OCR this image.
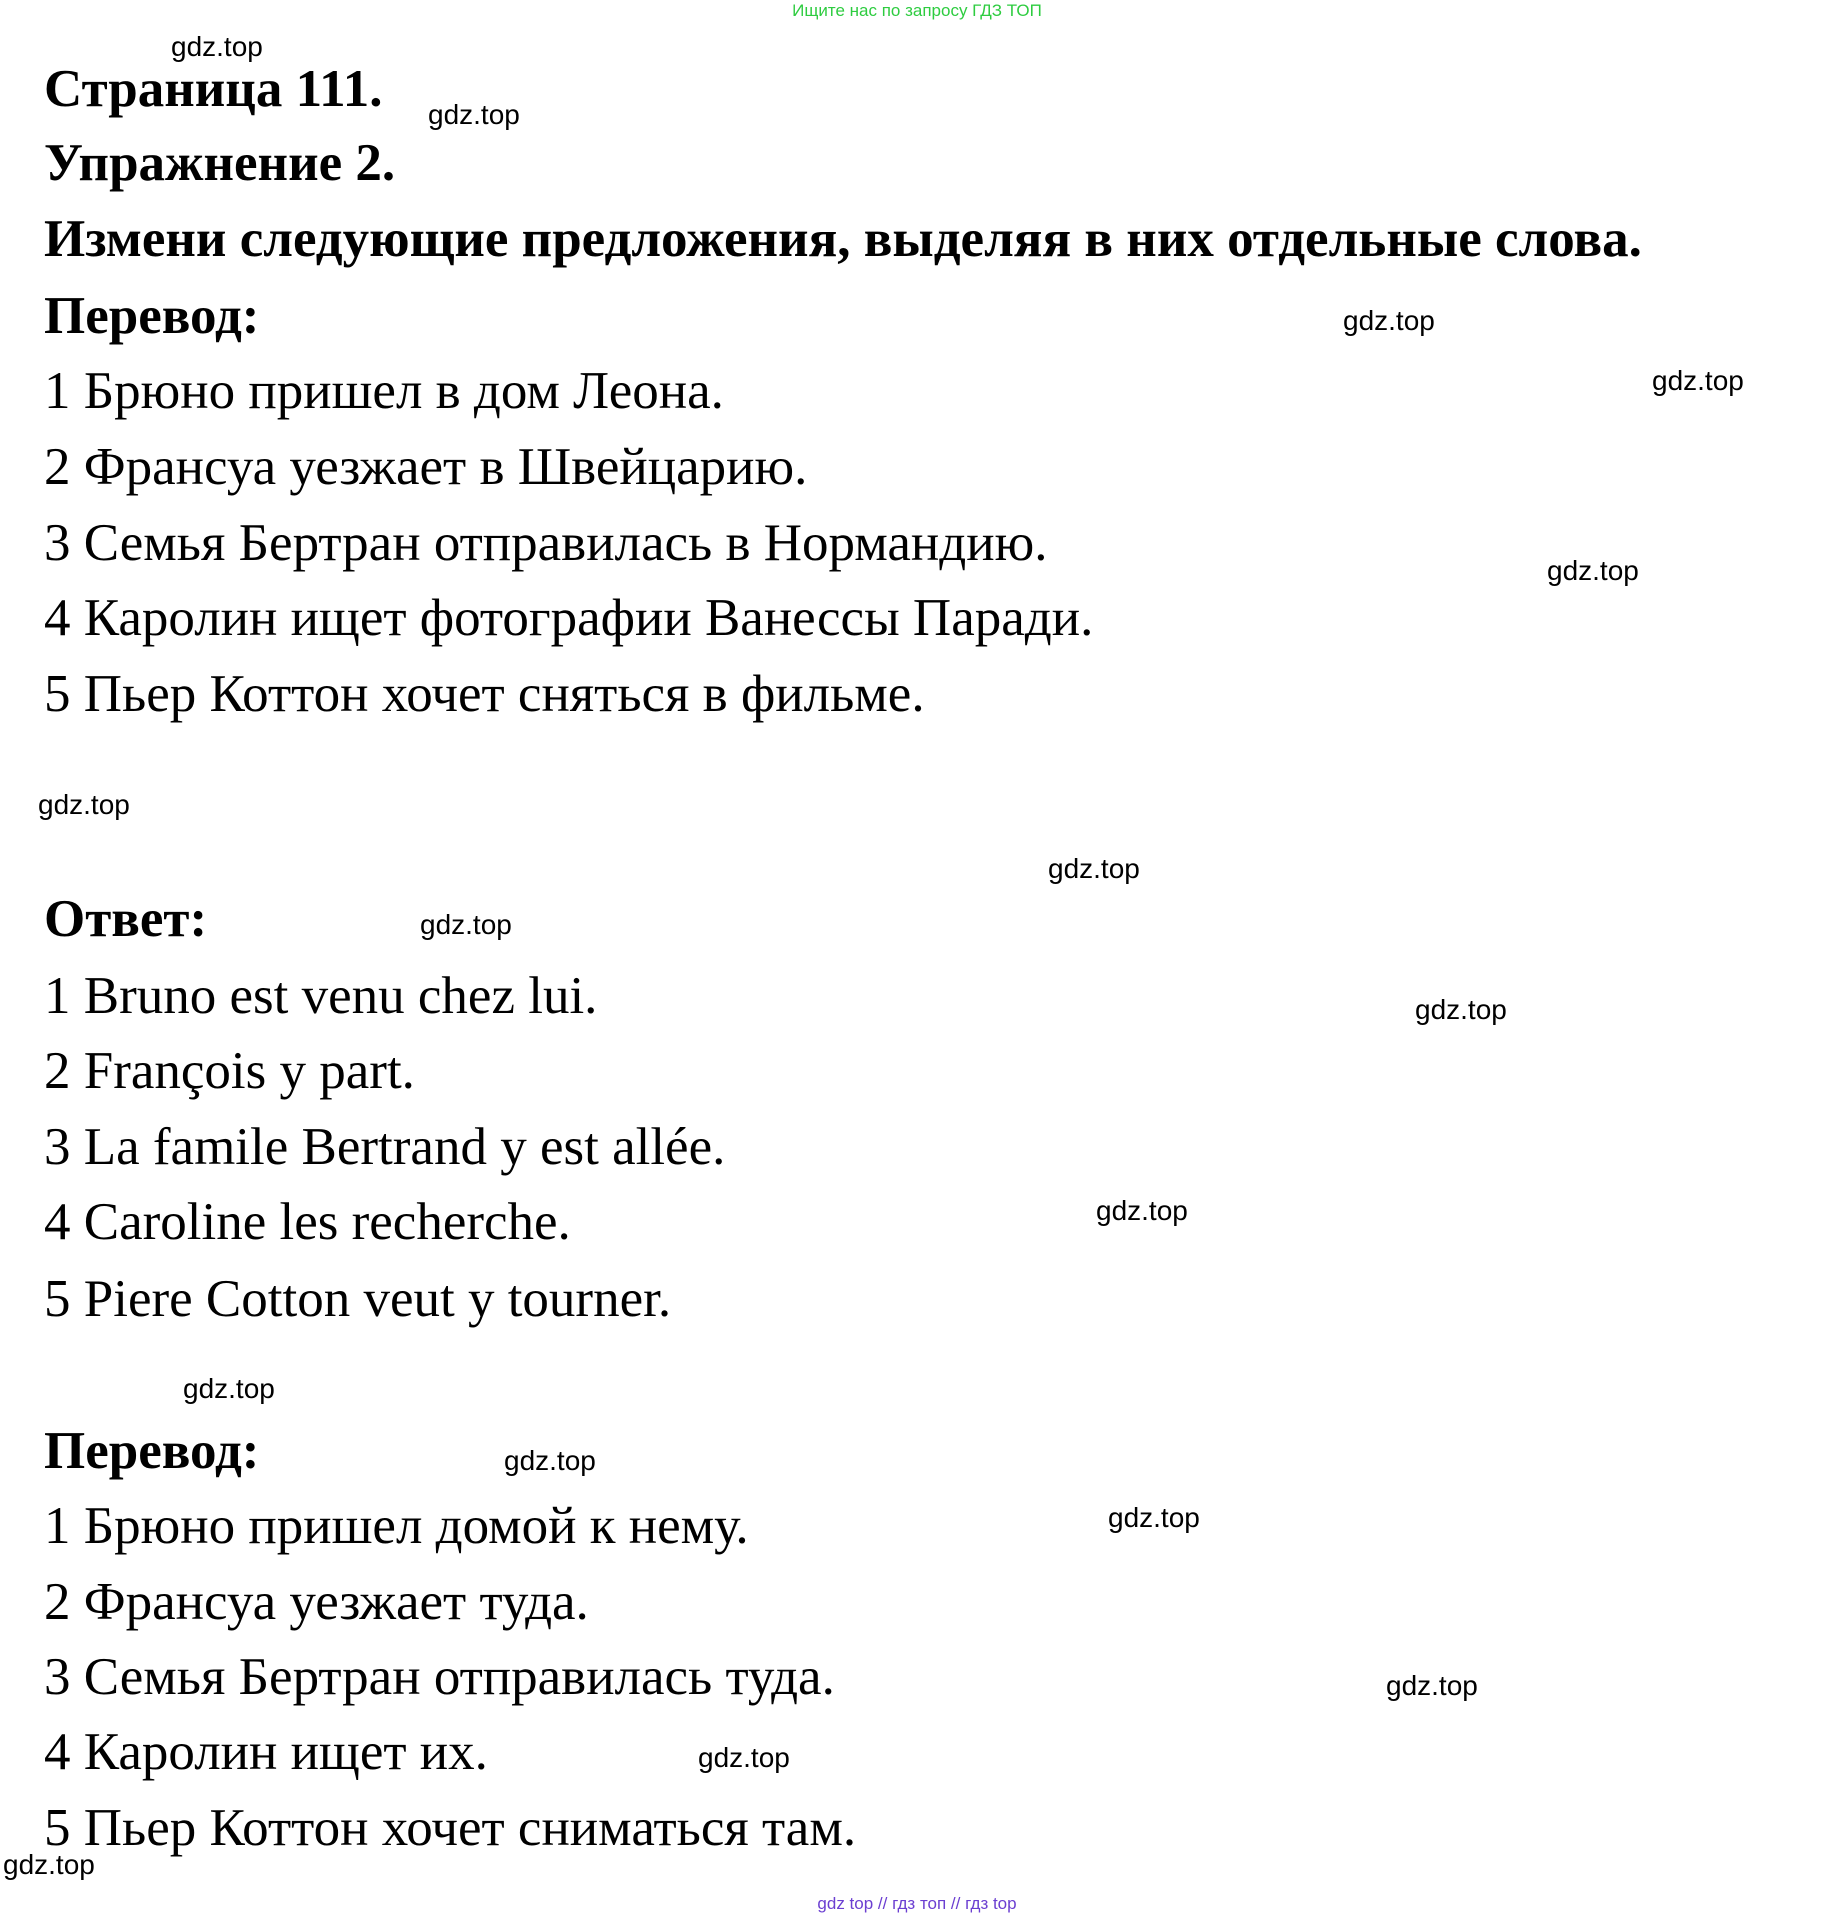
Ищите нас по запросу ГДЗ ТОП
Страница 111.
Упражнение 2.
Измени следующие предложения, выделяя в них отдельные слова.
Перевод:
1 Брюно пришел в дом Леона.
2 Франсуа уезжает в Швейцарию.
3 Семья Бертран отправилась в Нормандию.
4 Каролин ищет фотографии Ванессы Паради.
5 Пьер Коттон хочет сняться в фильме.
Ответ:
1 Bruno est venu chez lui.
2 François y part.
3 La famile Bertrand y est allée.
4 Caroline les recherche.
5 Piere Cotton veut y tourner.
Перевод:
1 Брюно пришел домой к нему.
2 Франсуа уезжает туда.
3 Семья Бертран отправилась туда.
4 Каролин ищет их.
5 Пьер Коттон хочет сниматься там.
gdz.top
gdz.top
gdz.top
gdz.top
gdz.top
gdz.top
gdz.top
gdz.top
gdz.top
gdz.top
gdz.top
gdz.top
gdz.top
gdz.top
gdz.top
gdz.top
gdz top // гдз топ // гдз top
